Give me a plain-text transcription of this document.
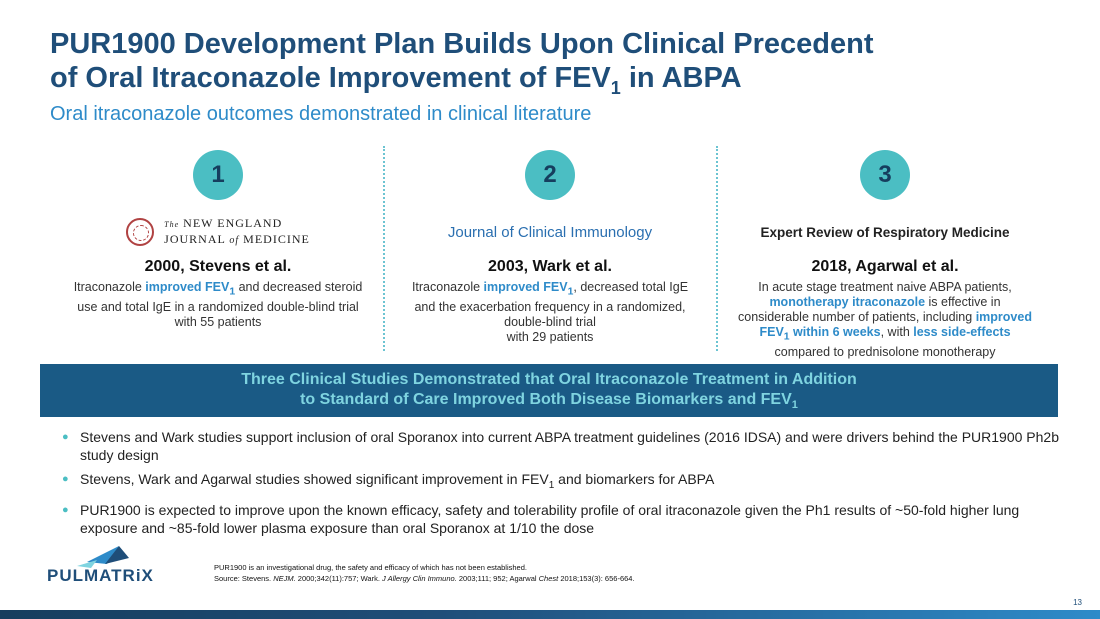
PUR1900 Development Plan Builds Upon Clinical Precedent
of Oral Itraconazole Improvement of $FEV_1$ in ABPA
Oral itraconazole outcomes demonstrated in clinical literature
1
The NEW ENGLAND
JOURNAL of MEDICINE
2000, Stevens et al.
Itraconazole improved $FEV_1$ and decreased steroid use and total IgE in a randomized double-blind trial with 55 patients
2
Journal of Clinical Immunology
2003, Wark et al.
Itraconazole improved $FEV_1$, decreased total IgE and the exacerbation frequency in a randomized, double-blind trial
with 29 patients
3
Expert Review of Respiratory Medicine
2018, Agarwal et al.
In acute stage treatment naive ABPA patients, monotherapy itraconazole is effective in considerable number of patients, including improved $FEV_1$ within 6 weeks, with less side-effects compared to prednisolone monotherapy
Three Clinical Studies Demonstrated that Oral Itraconazole Treatment in Addition
to Standard of Care Improved Both Disease Biomarkers and $FEV_1$
● Stevens and Wark studies support inclusion of oral Sporanox into current ABPA treatment guidelines (2016 IDSA) and were drivers behind the PUR1900 Ph2b study design
● Stevens, Wark and Agarwal studies showed significant improvement in $FEV_1$ and biomarkers for ABPA
● PUR1900 is expected to improve upon the known efficacy, safety and tolerability profile of oral itraconazole given the Ph1 results of ~50-fold higher lung exposure and ~85-fold lower plasma exposure than oral Sporanox at 1/10 the dose
PULMATRiX	PUR1900 is an investigational drug, the safety and efficacy of which has not been established.
Source: Stevens. NEJM. 2000;342(11):757; Wark. J Allergy Clin Immuno. 2003;111; 952; Agarwal Chest 2018;153(3): 656-664.
13
